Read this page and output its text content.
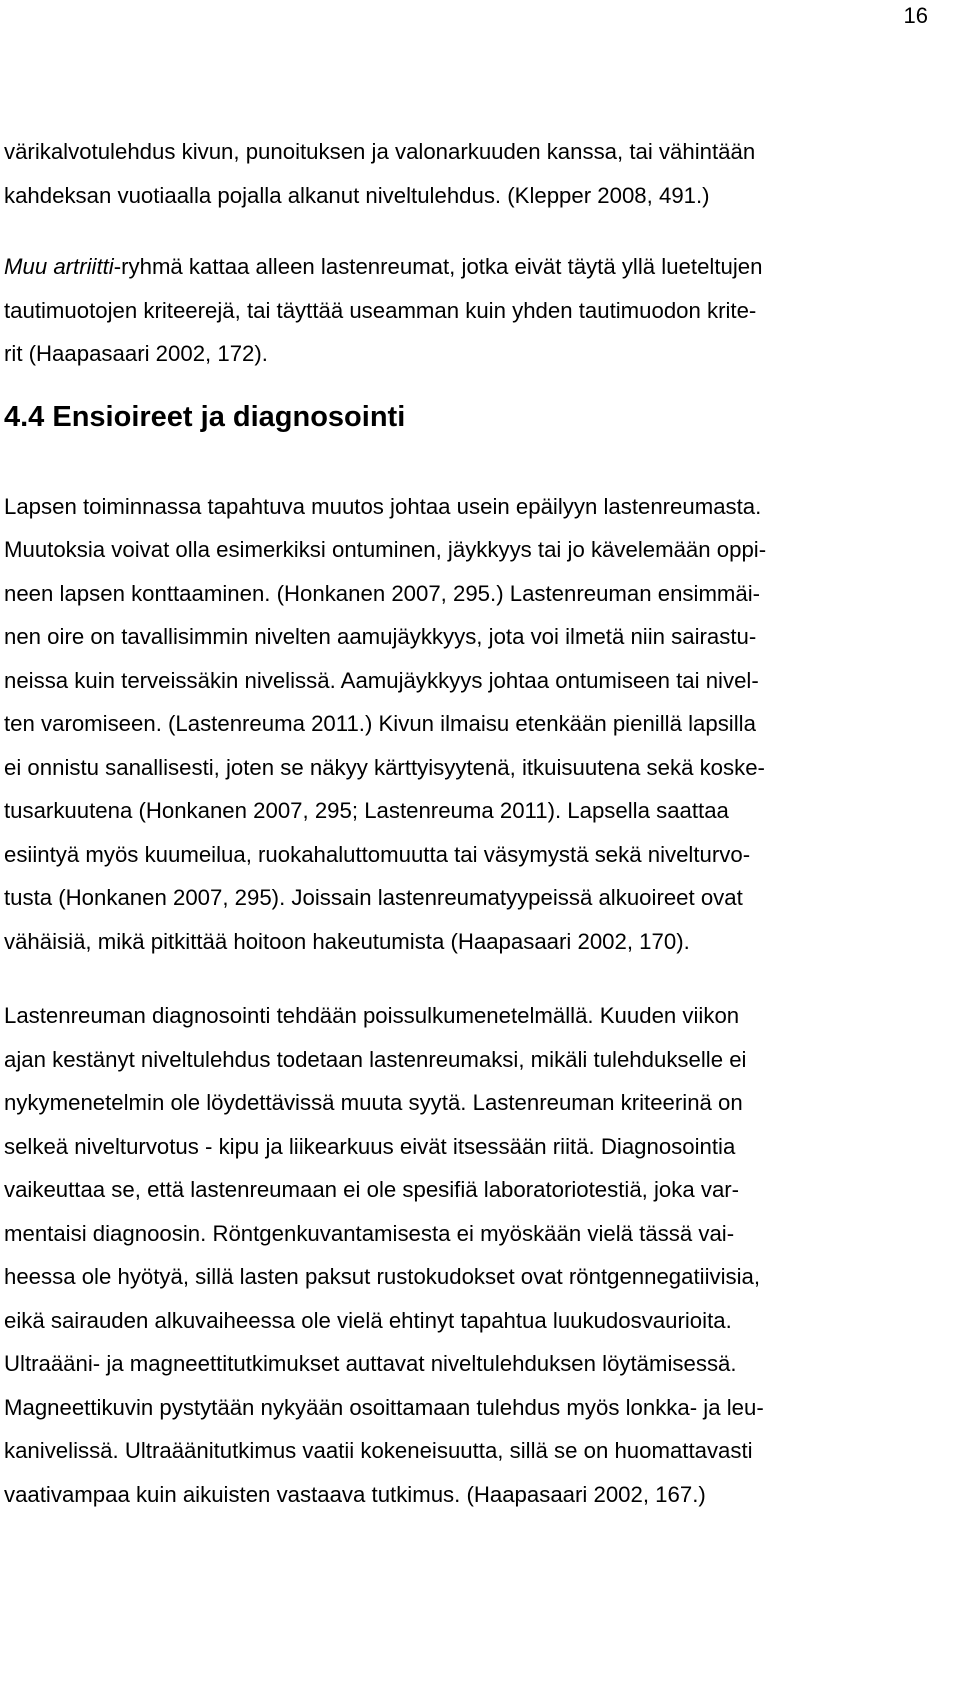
16

värikalvotulehdus kivun, punoituksen ja valonarkuuden kanssa, tai vähintään
kahdeksan vuotiaalla pojalla alkanut niveltulehdus. (Klepper 2008, 491.)

Muu artriitti-ryhmä kattaa alleen lastenreumat, jotka eivät täytä yllä lueteltujen
tautimuotojen kriteerejä, tai täyttää useamman kuin yhden tautimuodon krite-
rit (Haapasaari 2002, 172).

4.4 Ensioireet ja diagnosointi

Lapsen toiminnassa tapahtuva muutos johtaa usein epäilyyn lastenreumasta.
Muutoksia voivat olla esimerkiksi ontuminen, jäykkyys tai jo kävelemään oppi-
neen lapsen konttaaminen. (Honkanen 2007, 295.) Lastenreuman ensimmäi-
nen oire on tavallisimmin nivelten aamujäykkyys, jota voi ilmetä niin sairastu-
neissa kuin terveissäkin nivelissä. Aamujäykkyys johtaa ontumiseen tai nivel-
ten varomiseen. (Lastenreuma 2011.) Kivun ilmaisu etenkään pienillä lapsilla
ei onnistu sanallisesti, joten se näkyy kärttyisyytenä, itkuisuutena sekä koske-
tusarkuutena (Honkanen 2007, 295; Lastenreuma 2011). Lapsella saattaa
esiintyä myös kuumeilua, ruokahaluttomuutta tai väsymystä sekä nivelturvo-
tusta (Honkanen 2007, 295). Joissain lastenreumatyypeissä alkuoireet ovat
vähäisiä, mikä pitkittää hoitoon hakeutumista (Haapasaari 2002, 170).

Lastenreuman diagnosointi tehdään poissulkumenetelmällä. Kuuden viikon
ajan kestänyt niveltulehdus todetaan lastenreumaksi, mikäli tulehdukselle ei
nykymenetelmin ole löydettävissä muuta syytä. Lastenreuman kriteerinä on
selkeä nivelturvotus - kipu ja liikearkuus eivät itsessään riitä. Diagnosointia
vaikeuttaa se, että lastenreumaan ei ole spesifiä laboratoriotestiä, joka var-
mentaisi diagnoosin. Röntgenkuvantamisesta ei myöskään vielä tässä vai-
heessa ole hyötyä, sillä lasten paksut rustokudokset ovat röntgennegatiivisia,
eikä sairauden alkuvaiheessa ole vielä ehtinyt tapahtua luukudosvaurioita.
Ultraääni- ja magneettitutkimukset auttavat niveltulehduksen löytämisessä.
Magneettikuvin pystytään nykyään osoittamaan tulehdus myös lonkka- ja leu-
kanivelissä. Ultraäänitutkimus vaatii kokeneisuutta, sillä se on huomattavasti
vaativampaa kuin aikuisten vastaava tutkimus. (Haapasaari 2002, 167.)
